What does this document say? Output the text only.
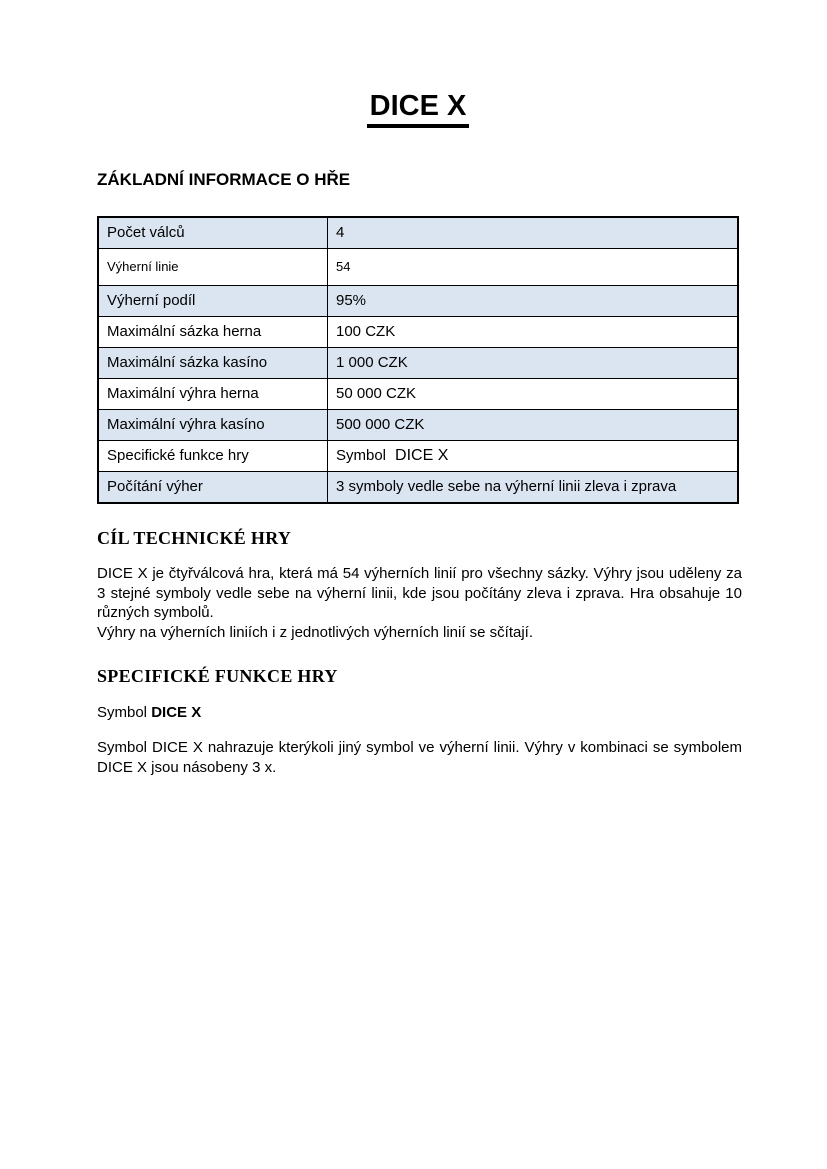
DICE X
ZÁKLADNÍ INFORMACE O HŘE
Počet válců	4
Výherní linie	54
Výherní podíl	95%
Maximální sázka herna	100 CZK
Maximální sázka kasíno	1 000 CZK
Maximální výhra herna	50 000 CZK
Maximální výhra kasíno	500 000 CZK
Specifické funkce hry	Symbol DICE X
Počítání výher	3 symboly vedle sebe na výherní linii zleva i zprava
CÍL TECHNICKÉ HRY

DICE X je čtyřválcová hra, která má 54 výherních linií pro všechny sázky. Výhry jsou uděleny za 3 stejné symboly vedle sebe na výherní linii, kde jsou počítány zleva i zprava. Hra obsahuje 10 různých symbolů.
Výhry na výherních liniích i z jednotlivých výherních linií se sčítají.

SPECIFICKÉ FUNKCE HRY
Symbol DICE X

Symbol DICE X nahrazuje kterýkoli jiný symbol ve výherní linii. Výhry v kombinaci se symbolem DICE X jsou násobeny 3 x.
